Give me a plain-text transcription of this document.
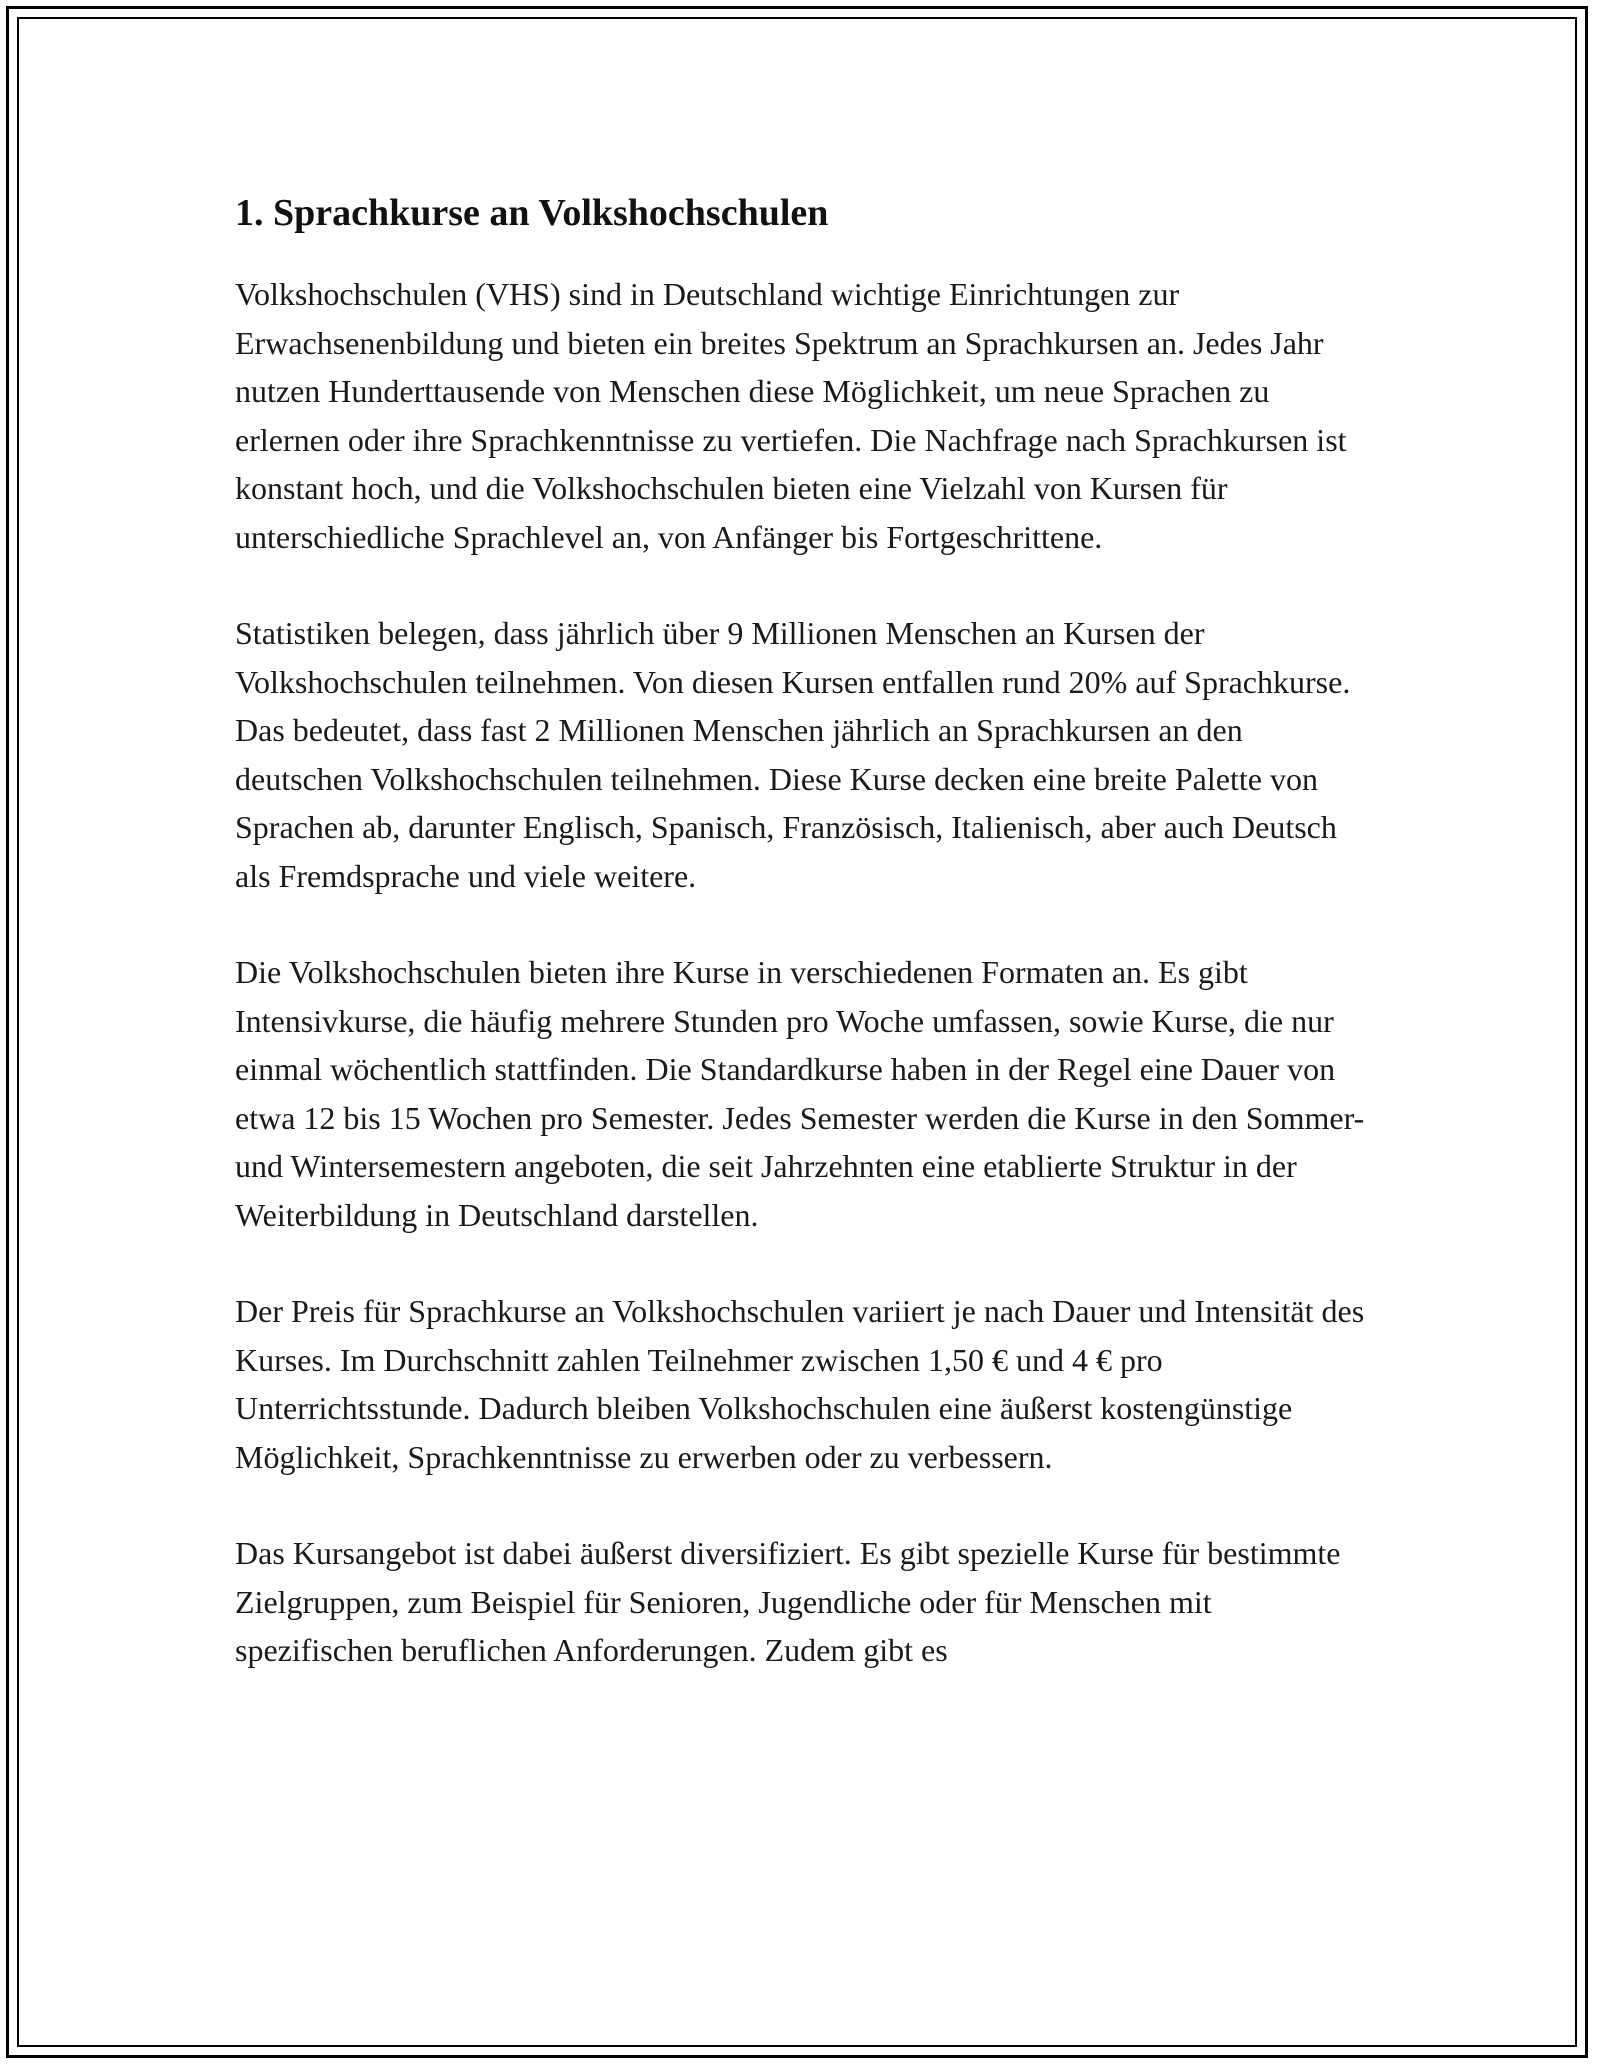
1. Sprachkurse an Volkshochschulen

Volkshochschulen (VHS) sind in Deutschland wichtige Einrichtungen zur Erwachsenenbildung und bieten ein breites Spektrum an Sprachkursen an. Jedes Jahr nutzen Hunderttausende von Menschen diese Möglichkeit, um neue Sprachen zu erlernen oder ihre Sprachkenntnisse zu vertiefen. Die Nachfrage nach Sprachkursen ist konstant hoch, und die Volkshochschulen bieten eine Vielzahl von Kursen für unterschiedliche Sprachlevel an, von Anfänger bis Fortgeschrittene.

Statistiken belegen, dass jährlich über 9 Millionen Menschen an Kursen der Volkshochschulen teilnehmen. Von diesen Kursen entfallen rund 20% auf Sprachkurse. Das bedeutet, dass fast 2 Millionen Menschen jährlich an Sprachkursen an den deutschen Volkshochschulen teilnehmen. Diese Kurse decken eine breite Palette von Sprachen ab, darunter Englisch, Spanisch, Französisch, Italienisch, aber auch Deutsch als Fremdsprache und viele weitere.

Die Volkshochschulen bieten ihre Kurse in verschiedenen Formaten an. Es gibt Intensivkurse, die häufig mehrere Stunden pro Woche umfassen, sowie Kurse, die nur einmal wöchentlich stattfinden. Die Standardkurse haben in der Regel eine Dauer von etwa 12 bis 15 Wochen pro Semester. Jedes Semester werden die Kurse in den Sommer- und Wintersemestern angeboten, die seit Jahrzehnten eine etablierte Struktur in der Weiterbildung in Deutschland darstellen.

Der Preis für Sprachkurse an Volkshochschulen variiert je nach Dauer und Intensität des Kurses. Im Durchschnitt zahlen Teilnehmer zwischen 1,50 € und 4 € pro Unterrichtsstunde. Dadurch bleiben Volkshochschulen eine äußerst kostengünstige Möglichkeit, Sprachkenntnisse zu erwerben oder zu verbessern.

Das Kursangebot ist dabei äußerst diversifiziert. Es gibt spezielle Kurse für bestimmte Zielgruppen, zum Beispiel für Senioren, Jugendliche oder für Menschen mit spezifischen beruflichen Anforderungen. Zudem gibt es
